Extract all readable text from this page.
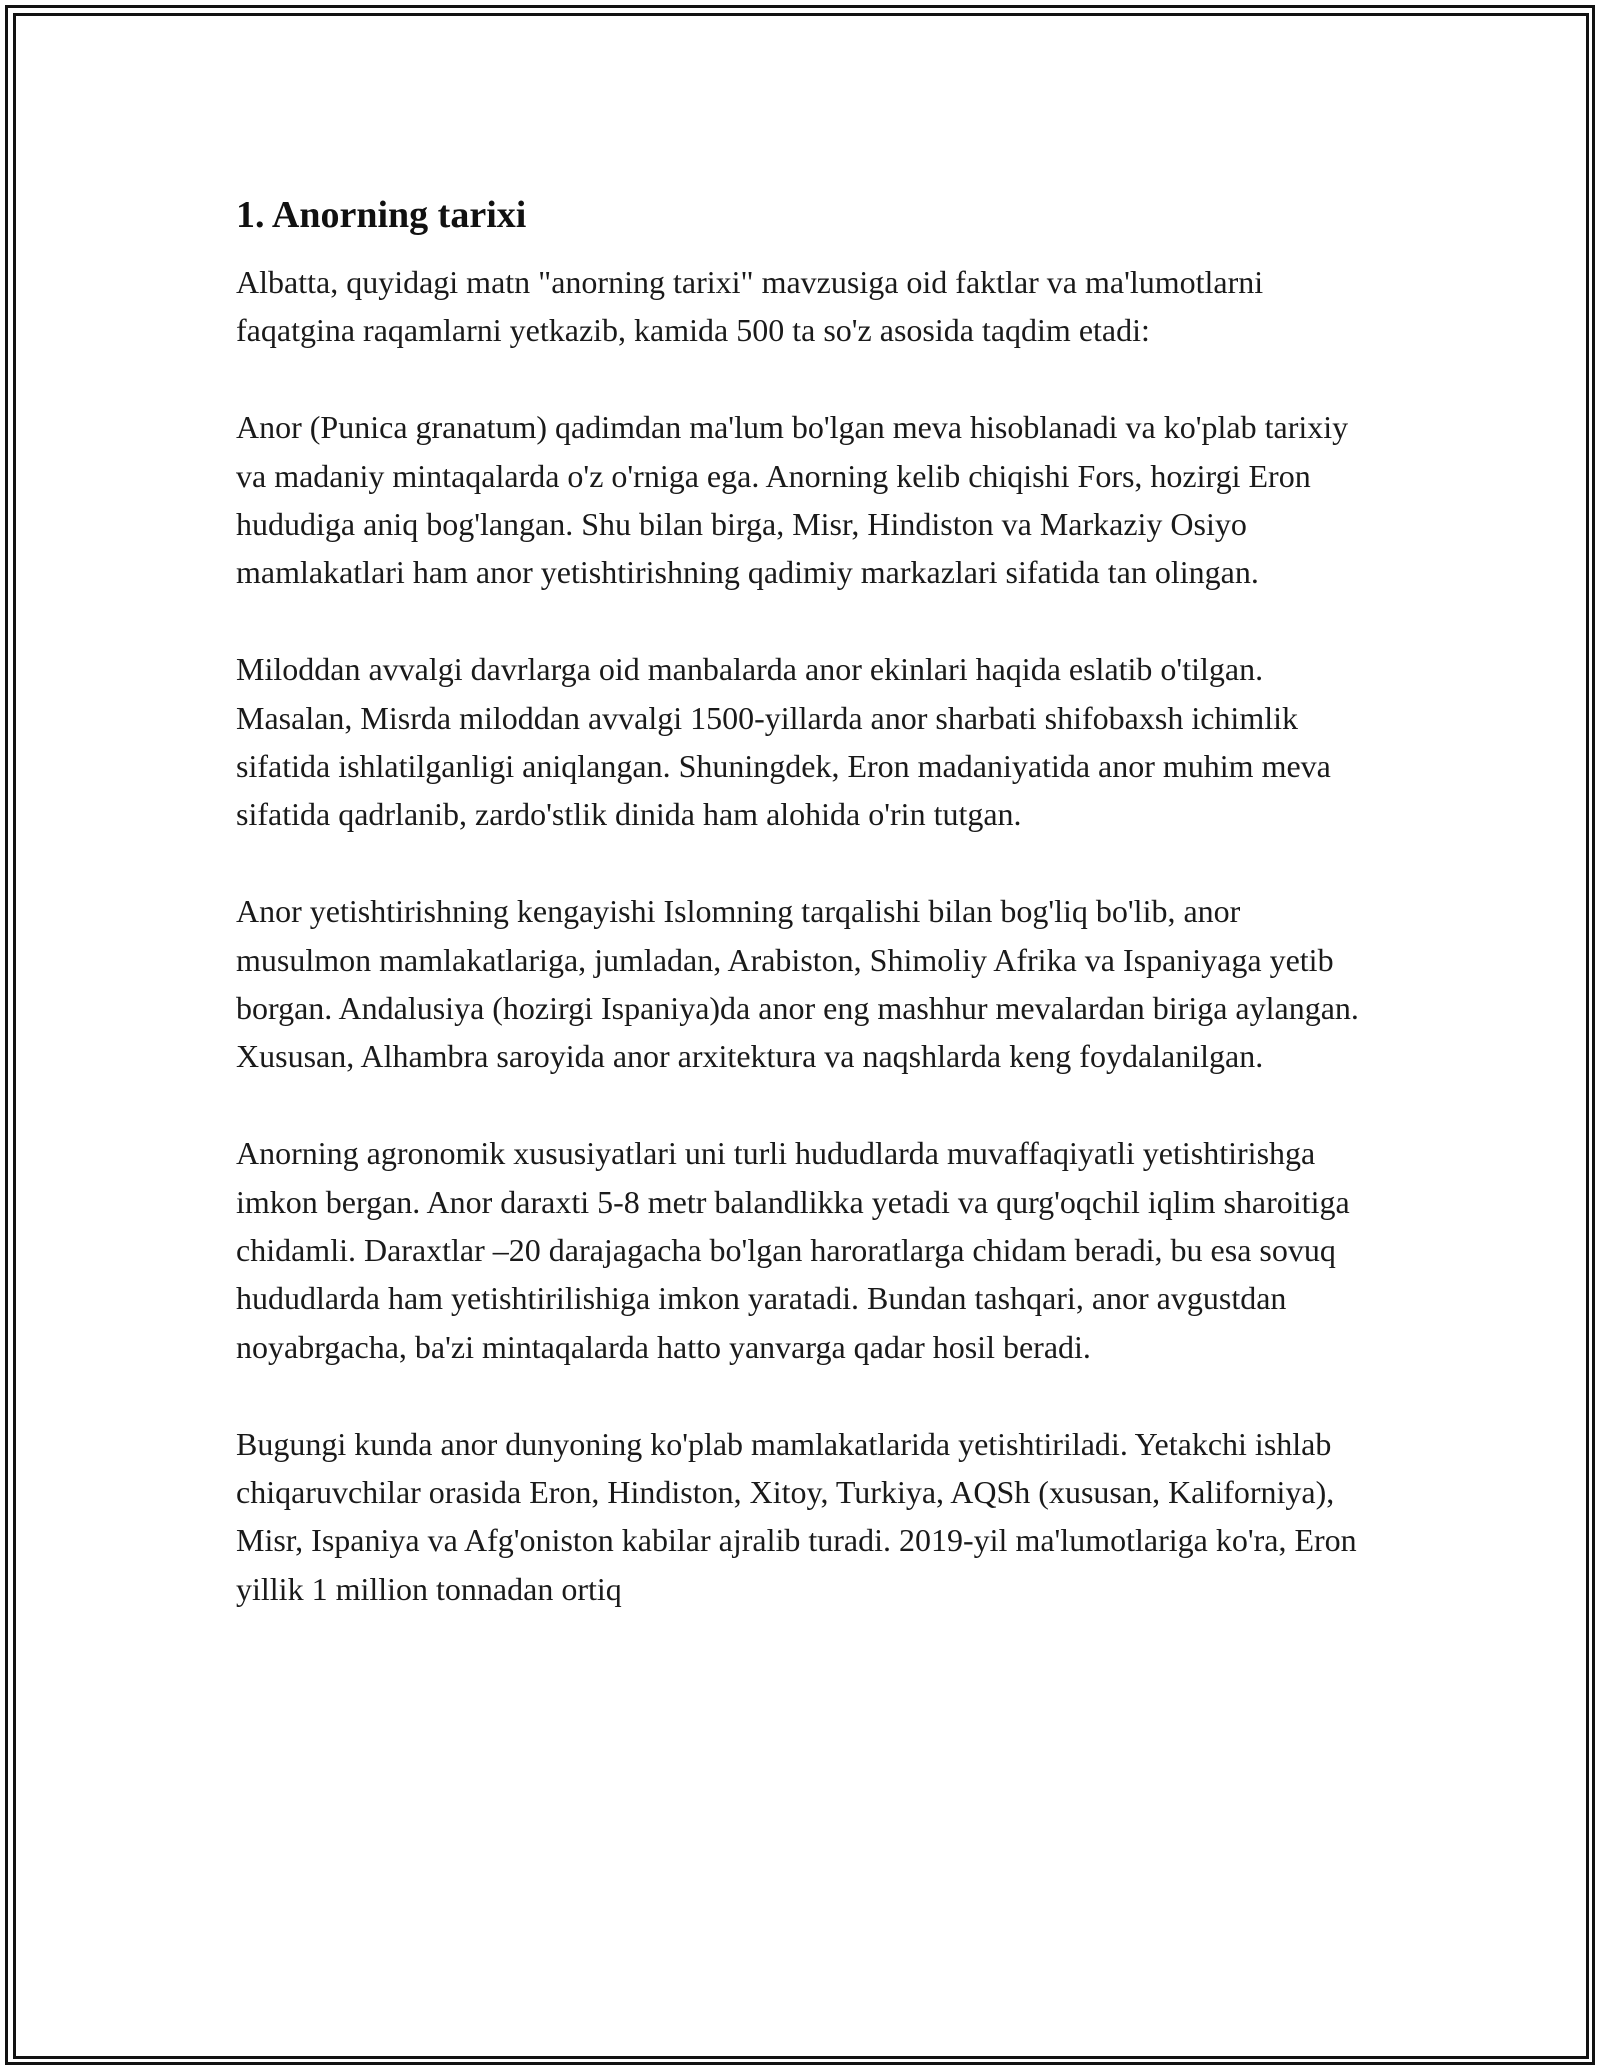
1. Anorning tarixi

Albatta, quyidagi matn "anorning tarixi" mavzusiga oid faktlar va ma'lumotlarni faqatgina raqamlarni yetkazib, kamida 500 ta so'z asosida taqdim etadi:

Anor (Punica granatum) qadimdan ma'lum bo'lgan meva hisoblanadi va ko'plab tarixiy va madaniy mintaqalarda o'z o'rniga ega. Anorning kelib chiqishi Fors, hozirgi Eron hududiga aniq bog'langan. Shu bilan birga, Misr, Hindiston va Markaziy Osiyo mamlakatlari ham anor yetishtirishning qadimiy markazlari sifatida tan olingan.

Miloddan avvalgi davrlarga oid manbalarda anor ekinlari haqida eslatib o'tilgan. Masalan, Misrda miloddan avvalgi 1500-yillarda anor sharbati shifobaxsh ichimlik sifatida ishlatilganligi aniqlangan. Shuningdek, Eron madaniyatida anor muhim meva sifatida qadrlanib, zardo'stlik dinida ham alohida o'rin tutgan.

Anor yetishtirishning kengayishi Islomning tarqalishi bilan bog'liq bo'lib, anor musulmon mamlakatlariga, jumladan, Arabiston, Shimoliy Afrika va Ispaniyaga yetib borgan. Andalusiya (hozirgi Ispaniya)da anor eng mashhur mevalardan biriga aylangan. Xususan, Alhambra saroyida anor arxitektura va naqshlarda keng foydalanilgan.

Anorning agronomik xususiyatlari uni turli hududlarda muvaffaqiyatli yetishtirishga imkon bergan. Anor daraxti 5-8 metr balandlikka yetadi va qurg'oqchil iqlim sharoitiga chidamli. Daraxtlar –20 darajagacha bo'lgan haroratlarga chidam beradi, bu esa sovuq hududlarda ham yetishtirilishiga imkon yaratadi. Bundan tashqari, anor avgustdan noyabrgacha, ba'zi mintaqalarda hatto yanvarga qadar hosil beradi.

Bugungi kunda anor dunyoning ko'plab mamlakatlarida yetishtiriladi. Yetakchi ishlab chiqaruvchilar orasida Eron, Hindiston, Xitoy, Turkiya, AQSh (xususan, Kaliforniya), Misr, Ispaniya va Afg'oniston kabilar ajralib turadi. 2019-yil ma'lumotlariga ko'ra, Eron yillik 1 million tonnadan ortiq
